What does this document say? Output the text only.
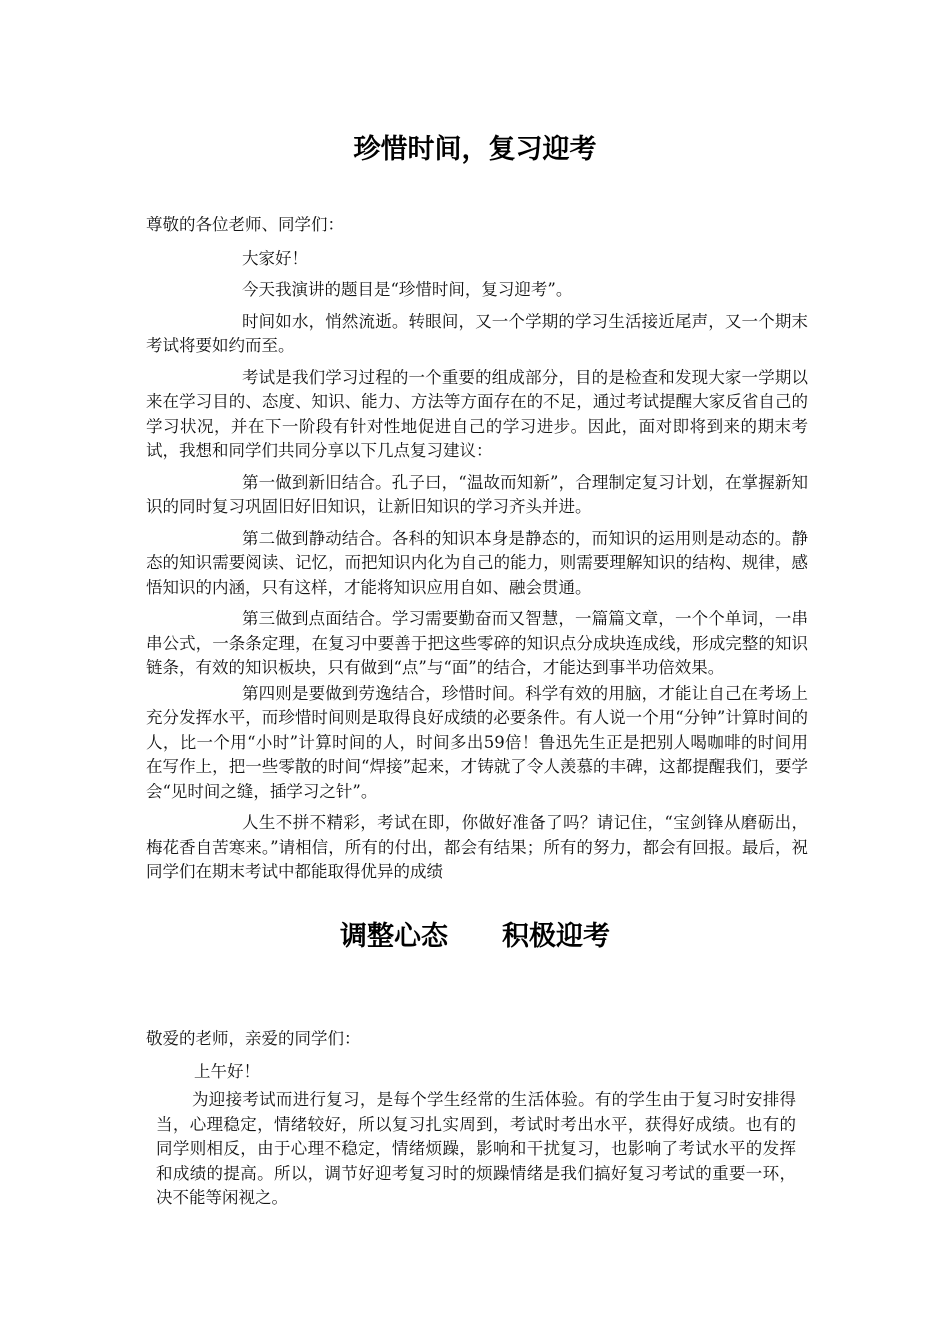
珍惜时间，复习迎考

尊敬的各位老师、同学们：

大家好！

今天我演讲的题目是“珍惜时间，复习迎考”。

时间如水，悄然流逝。转眼间，又一个学期的学习生活接近尾声，又一个期末考试将要如约而至。

考试是我们学习过程的一个重要的组成部分，目的是检查和发现大家一学期以来在学习目的、态度、知识、能力、方法等方面存在的不足，通过考试提醒大家反省自己的学习状况，并在下一阶段有针对性地促进自己的学习进步。因此，面对即将到来的期末考试，我想和同学们共同分享以下几点复习建议：

第一做到新旧结合。孔子曰，“温故而知新”，合理制定复习计划，在掌握新知识的同时复习巩固旧好旧知识，让新旧知识的学习齐头并进。

第二做到静动结合。各科的知识本身是静态的，而知识的运用则是动态的。静态的知识需要阅读、记忆，而把知识内化为自己的能力，则需要理解知识的结构、规律，感悟知识的内涵，只有这样，才能将知识应用自如、融会贯通。

第三做到点面结合。学习需要勤奋而又智慧，一篇篇文章，一个个单词，一串串公式，一条条定理，在复习中要善于把这些零碎的知识点分成块连成线，形成完整的知识链条，有效的知识板块，只有做到“点”与“面”的结合，才能达到事半功倍效果。

第四则是要做到劳逸结合，珍惜时间。科学有效的用脑，才能让自己在考场上充分发挥水平，而珍惜时间则是取得良好成绩的必要条件。有人说一个用“分钟”计算时间的人，比一个用“小时”计算时间的人，时间多出59倍！鲁迅先生正是把别人喝咖啡的时间用在写作上，把一些零散的时间“焊接”起来，才铸就了令人羡慕的丰碑，这都提醒我们，要学会“见时间之缝，插学习之针”。

人生不拼不精彩，考试在即，你做好准备了吗？请记住，“宝剑锋从磨砺出，梅花香自苦寒来。”请相信，所有的付出，都会有结果；所有的努力，都会有回报。最后，祝同学们在期末考试中都能取得优异的成绩

调整心态　　积极迎考

敬爱的老师，亲爱的同学们：

上午好！

为迎接考试而进行复习，是每个学生经常的生活体验。有的学生由于复习时安排得当，心理稳定，情绪较好，所以复习扎实周到，考试时考出水平，获得好成绩。也有的同学则相反，由于心理不稳定，情绪烦躁，影响和干扰复习，也影响了考试水平的发挥和成绩的提高。所以，调节好迎考复习时的烦躁情绪是我们搞好复习考试的重要一环，决不能等闲视之。
